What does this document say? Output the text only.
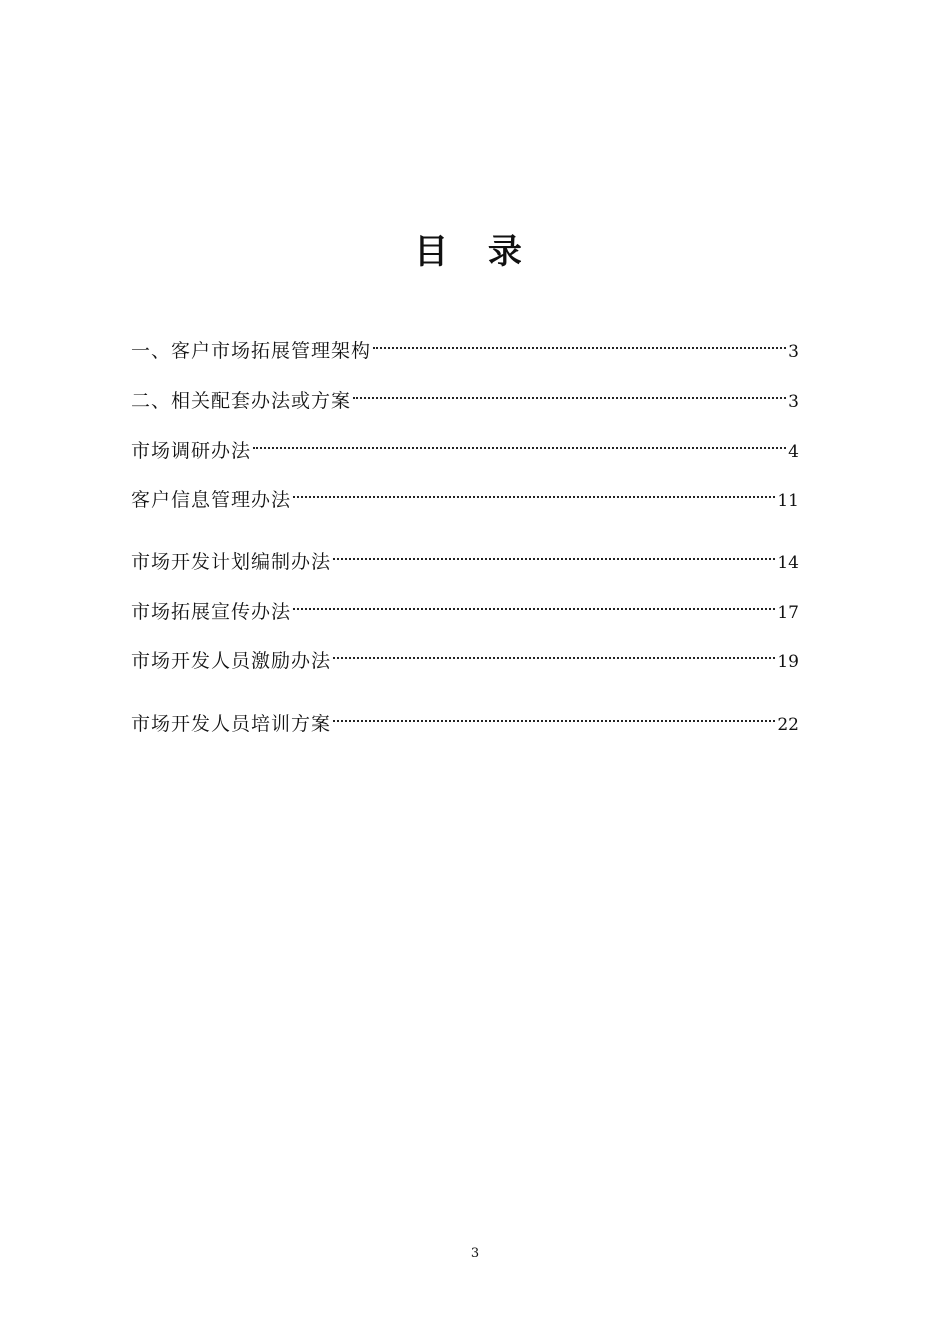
目 录
一、客户市场拓展管理架构	3
二、相关配套办法或方案	3
市场调研办法	4
客户信息管理办法	11
市场开发计划编制办法	14
市场拓展宣传办法	17
市场开发人员激励办法	19
市场开发人员培训方案	22
3
